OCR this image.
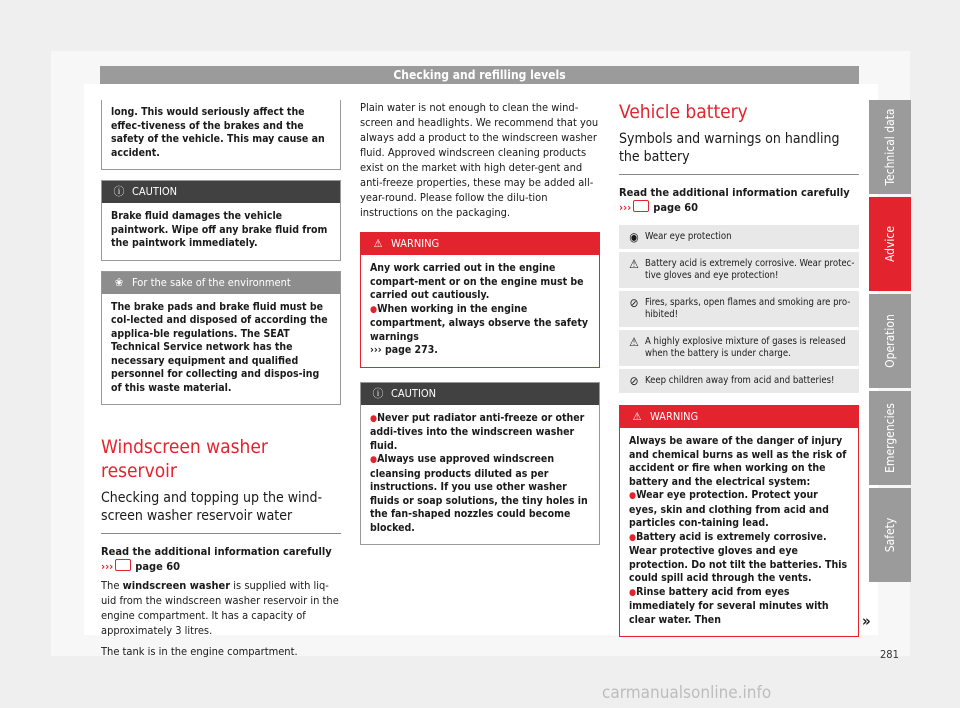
Checking and refilling levels

long. This would seriously affect the effec-tiveness of the brakes and the safety of the vehicle. This may cause an accident.

ⓘ CAUTION
Brake fluid damages the vehicle paintwork. Wipe off any brake fluid from the paintwork immediately.
❀ For the sake of the environment
The brake pads and brake fluid must be col-lected and disposed of according the applica-ble regulations. The SEAT Technical Service network has the necessary equipment and qualified personnel for collecting and dispos-ing of this waste material.
Windscreen washer reservoir
Checking and topping up the wind-screen washer reservoir water
Read the additional information carefully
››› page 60

The windscreen washer is supplied with liq-uid from the windscreen washer reservoir in the engine compartment. It has a capacity of approximately 3 litres.

The tank is in the engine compartment.

Plain water is not enough to clean the wind-screen and headlights. We recommend that you always add a product to the windscreen washer fluid. Approved windscreen cleaning products exist on the market with high deter-gent and anti-freeze properties, these may be added all-year-round. Please follow the dilu-tion instructions on the packaging.

⚠ WARNING

Any work carried out in the engine compart-ment or on the engine must be carried out cautiously.

● When working in the engine compartment, always observe the safety warnings

››› page 273.

ⓘ CAUTION

● Never put radiator anti-freeze or other addi-tives into the windscreen washer fluid.

● Always use approved windscreen cleansing products diluted as per instructions. If you use other washer fluids or soap solutions, the tiny holes in the fan-shaped nozzles could become blocked.

Vehicle battery
Symbols and warnings on handling the battery
Read the additional information carefully
››› page 60
◉ Wear eye protection
⚠ Battery acid is extremely corrosive. Wear protec-tive gloves and eye protection!
⊘ Fires, sparks, open flames and smoking are pro-hibited!
⚠ A highly explosive mixture of gases is released when the battery is under charge.
⊘ Keep children away from acid and batteries!
⚠ WARNING

Always be aware of the danger of injury and chemical burns as well as the risk of accident or fire when working on the battery and the electrical system:

● Wear eye protection. Protect your eyes, skin and clothing from acid and particles con-taining lead.

● Battery acid is extremely corrosive. Wear protective gloves and eye protection. Do not tilt the batteries. This could spill acid through the vents.

● Rinse battery acid from eyes immediately for several minutes with clear water. Then	»
Technical data
Advice
Operation
Emergencies
Safety
281
carmanualsonline.info
